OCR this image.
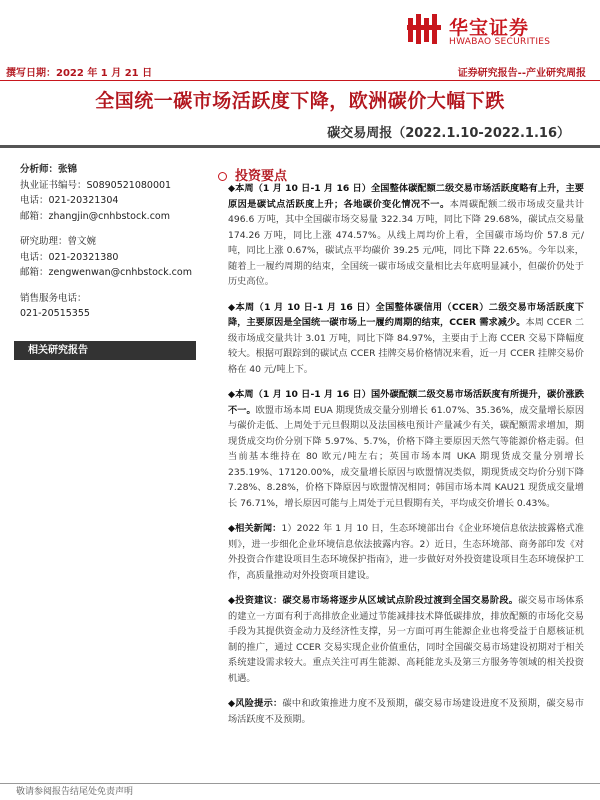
华宝证券
HWABAO SECURITIES
撰写日期：2022 年 1 月 21 日	证券研究报告--产业研究周报
全国统一碳市场活跃度下降，欧洲碳价大幅下跌
碳交易周报（2022.1.10-2022.1.16）
分析师：张锦
执业证书编号：S0890521080001
电话：021-20321304
邮箱：zhangjin@cnhbstock.com
研究助理：曾文婉
电话：021-20321380
邮箱：zengwenwan@cnhbstock.com
销售服务电话：
021-20515355
相关研究报告
投资要点

◆本周（1 月 10 日-1 月 16 日）全国整体碳配额二级交易市场活跃度略有上升，主要原因是碳试点活跃度上升；各地碳价变化情况不一。本周碳配额二级市场成交量共计 496.6 万吨，其中全国碳市场交易量 322.34 万吨，同比下降 29.68%，碳试点交易量 174.26 万吨，同比上涨 474.57%。从线上周均价上看，全国碳市场均价 57.8 元/吨，同比上涨 0.67%，碳试点平均碳价 39.25 元/吨，同比下降 22.65%。今年以来，随着上一履约周期的结束，全国统一碳市场成交量相比去年底明显减小，但碳价仍处于历史高位。

◆本周（1 月 10 日-1 月 16 日）全国整体碳信用（CCER）二级交易市场活跃度下降，主要原因是全国统一碳市场上一履约周期的结束，CCER 需求减少。本周 CCER 二级市场成交量共计 3.01 万吨，同比下降 84.97%，主要由于上海 CCER 交易下降幅度较大。根据可跟踪到的碳试点 CCER 挂牌交易价格情况来看，近一月 CCER 挂牌交易价格在 40 元/吨上下。

◆本周（1 月 10 日-1 月 16 日）国外碳配额二级交易市场活跃度有所提升，碳价涨跌不一。欧盟市场本周 EUA 期现货成交量分别增长 61.07%、35.36%，成交量增长原因与碳价走低、上周处于元旦假期以及法国核电预计产量减少有关，碳配额需求增加，期现货成交均价分别下降 5.97%、5.7%，价格下降主要原因天然气等能源价格走弱。但当前基本维持在 80 欧元/吨左右；英国市场本周 UKA 期现货成交量分别增长 235.19%、17120.00%，成交量增长原因与欧盟情况类似，期现货成交均价分别下降 7.28%、8.28%，价格下降原因与欧盟情况相同；韩国市场本周 KAU21 现货成交量增长 76.71%，增长原因可能与上周处于元旦假期有关，平均成交价增长 0.43%。

◆相关新闻：1）2022 年 1 月 10 日，生态环境部出台《企业环境信息依法披露格式准则》，进一步细化企业环境信息依法披露内容。2）近日，生态环境部、商务部印发《对外投资合作建设项目生态环境保护指南》，进一步做好对外投资建设项目生态环境保护工作，高质量推动对外投资项目建设。

◆投资建议：碳交易市场将逐步从区域试点阶段过渡到全国交易阶段。碳交易市场体系的建立一方面有利于高排放企业通过节能减排技术降低碳排放，排放配额的市场化交易手段为其提供资金动力及经济性支撑，另一方面可再生能源企业也将受益于自愿核证机制的推广，通过 CCER 交易实现企业价值重估，同时全国碳交易市场建设初期对于相关系统建设需求较大。重点关注可再生能源、高耗能龙头及第三方服务等领域的相关投资机遇。

◆风险提示：碳中和政策推进力度不及预期，碳交易市场建设进度不及预期，碳交易市场活跃度不及预期。

敬请参阅报告结尾处免责声明
